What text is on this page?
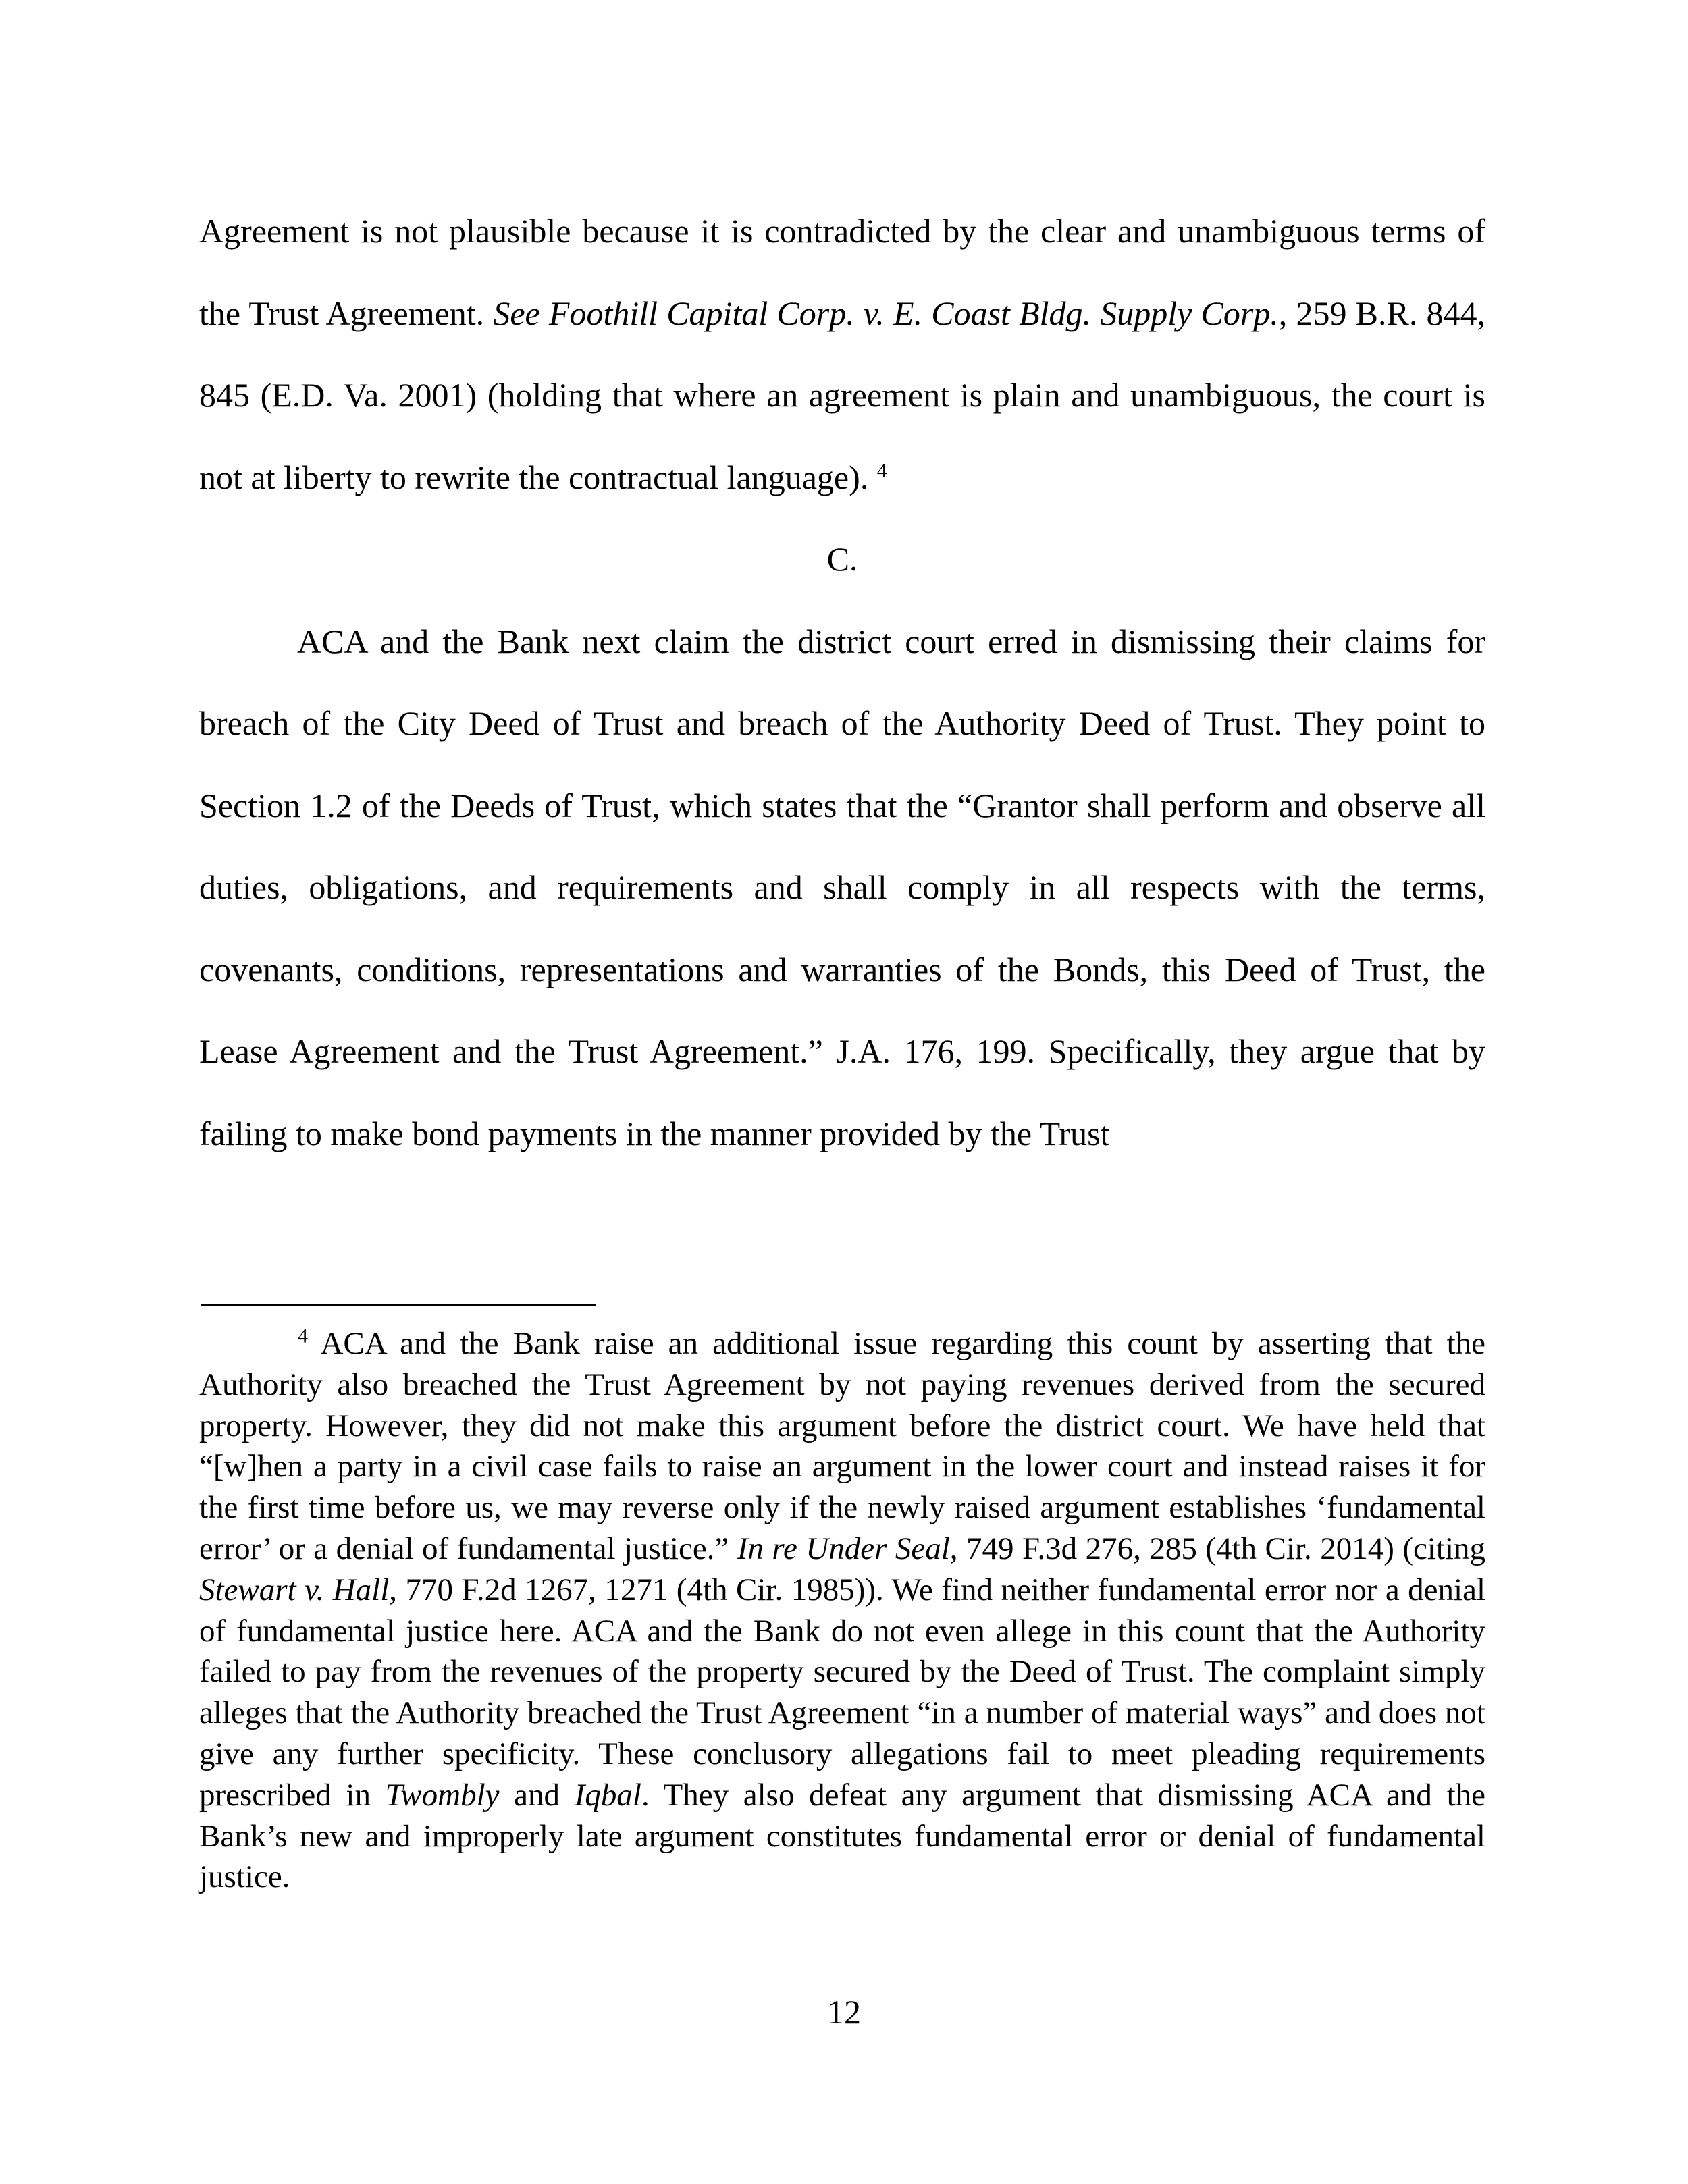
Agreement is not plausible because it is contradicted by the clear and unambiguous terms of the Trust Agreement. See Foothill Capital Corp. v. E. Coast Bldg. Supply Corp., 259 B.R. 844, 845 (E.D. Va. 2001) (holding that where an agreement is plain and unambiguous, the court is not at liberty to rewrite the contractual language). $^4$

C.

ACA and the Bank next claim the district court erred in dismissing their claims for breach of the City Deed of Trust and breach of the Authority Deed of Trust. They point to Section 1.2 of the Deeds of Trust, which states that the “Grantor shall perform and observe all duties, obligations, and requirements and shall comply in all respects with the terms, covenants, conditions, representations and warranties of the Bonds, this Deed of Trust, the Lease Agreement and the Trust Agreement.” J.A. 176, 199. Specifically, they argue that by failing to make bond payments in the manner provided by the Trust

$^4$ ACA and the Bank raise an additional issue regarding this count by asserting that the Authority also breached the Trust Agreement by not paying revenues derived from the secured property. However, they did not make this argument before the district court. We have held that “[w]hen a party in a civil case fails to raise an argument in the lower court and instead raises it for the first time before us, we may reverse only if the newly raised argument establishes ‘fundamental error’ or a denial of fundamental justice.” In re Under Seal, 749 F.3d 276, 285 (4th Cir. 2014) (citing Stewart v. Hall, 770 F.2d 1267, 1271 (4th Cir. 1985)). We find neither fundamental error nor a denial of fundamental justice here. ACA and the Bank do not even allege in this count that the Authority failed to pay from the revenues of the property secured by the Deed of Trust. The complaint simply alleges that the Authority breached the Trust Agreement “in a number of material ways” and does not give any further specificity. These conclusory allegations fail to meet pleading requirements prescribed in Twombly and Iqbal. They also defeat any argument that dismissing ACA and the Bank’s new and improperly late argument constitutes fundamental error or denial of fundamental justice.

12
